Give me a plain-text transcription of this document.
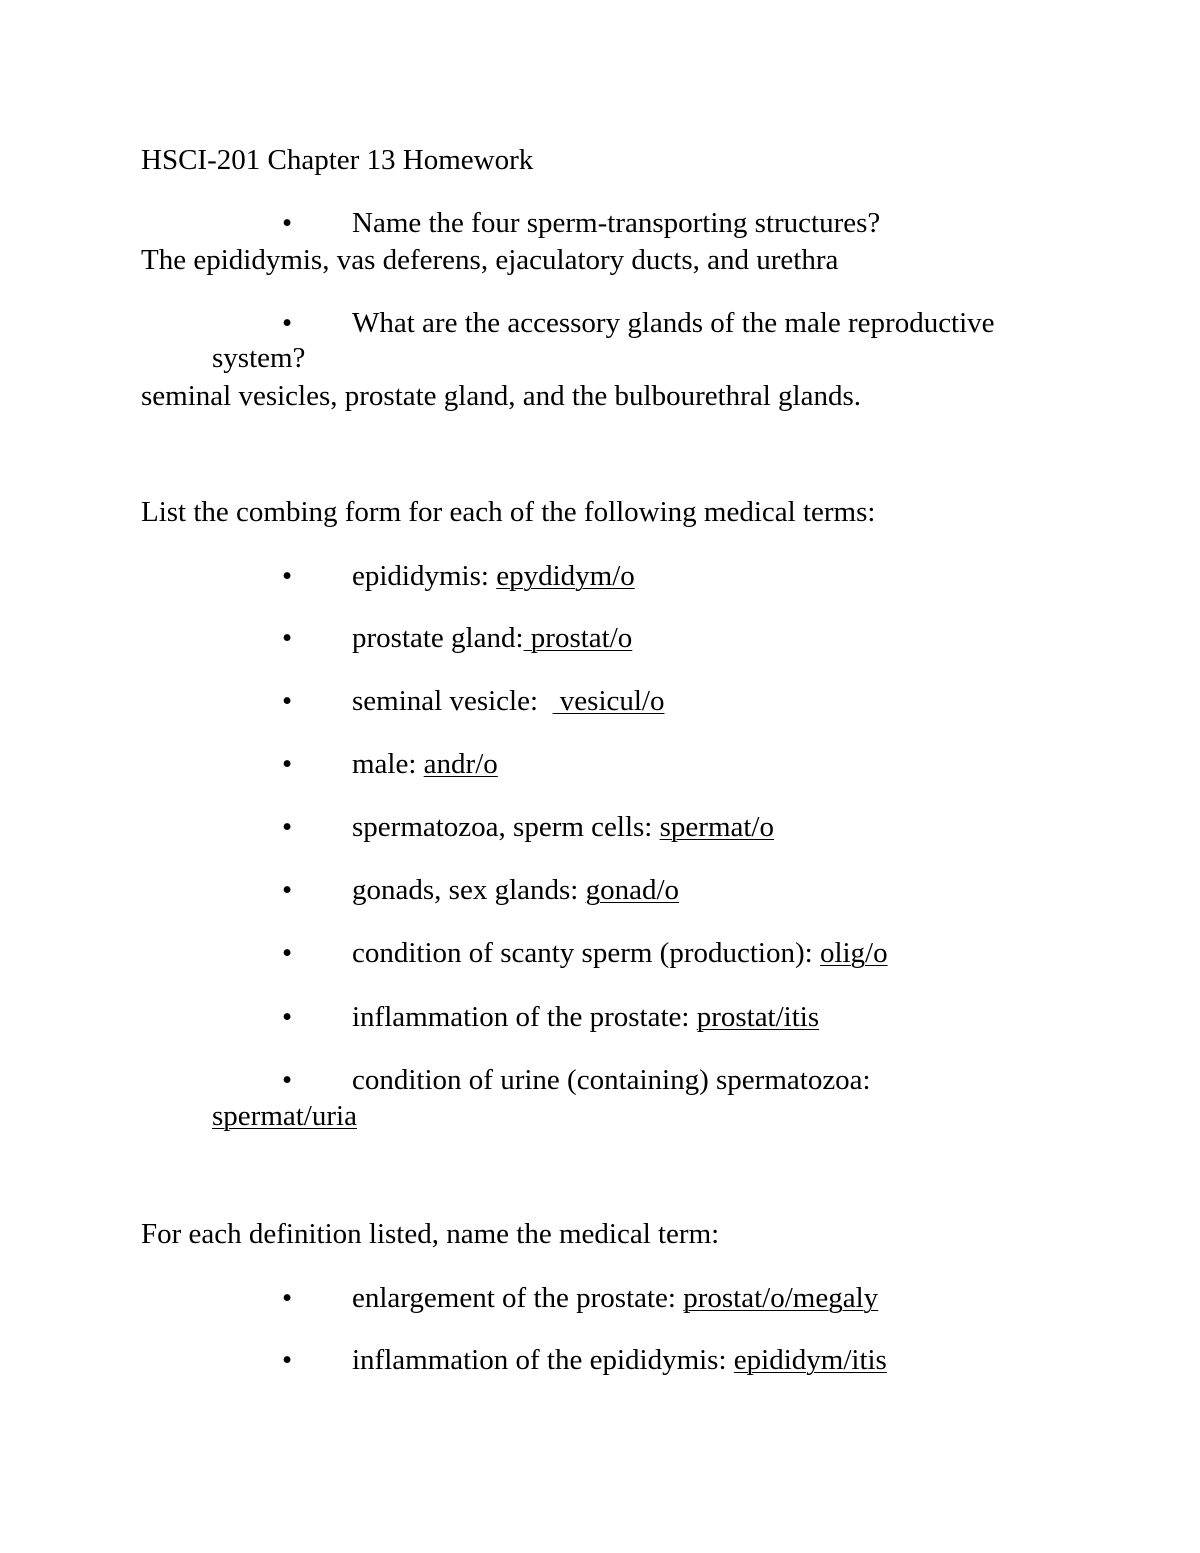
HSCI-201 Chapter 13 Homework
• Name the four sperm-transporting structures?
The epididymis, vas deferens, ejaculatory ducts, and urethra
• What are the accessory glands of the male reproductive
system?
seminal vesicles, prostate gland, and the bulbourethral glands.
List the combing form for each of the following medical terms:
• epididymis: epydidym/o
• prostate gland: prostat/o
• seminal vesicle:   vesicul/o
• male: andr/o
• spermatozoa, sperm cells: spermat/o
• gonads, sex glands: gonad/o
• condition of scanty sperm (production): olig/o
• inflammation of the prostate: prostat/itis
• condition of urine (containing) spermatozoa:
spermat/uria
For each definition listed, name the medical term:
• enlargement of the prostate: prostat/o/megaly
• inflammation of the epididymis: epididym/itis
